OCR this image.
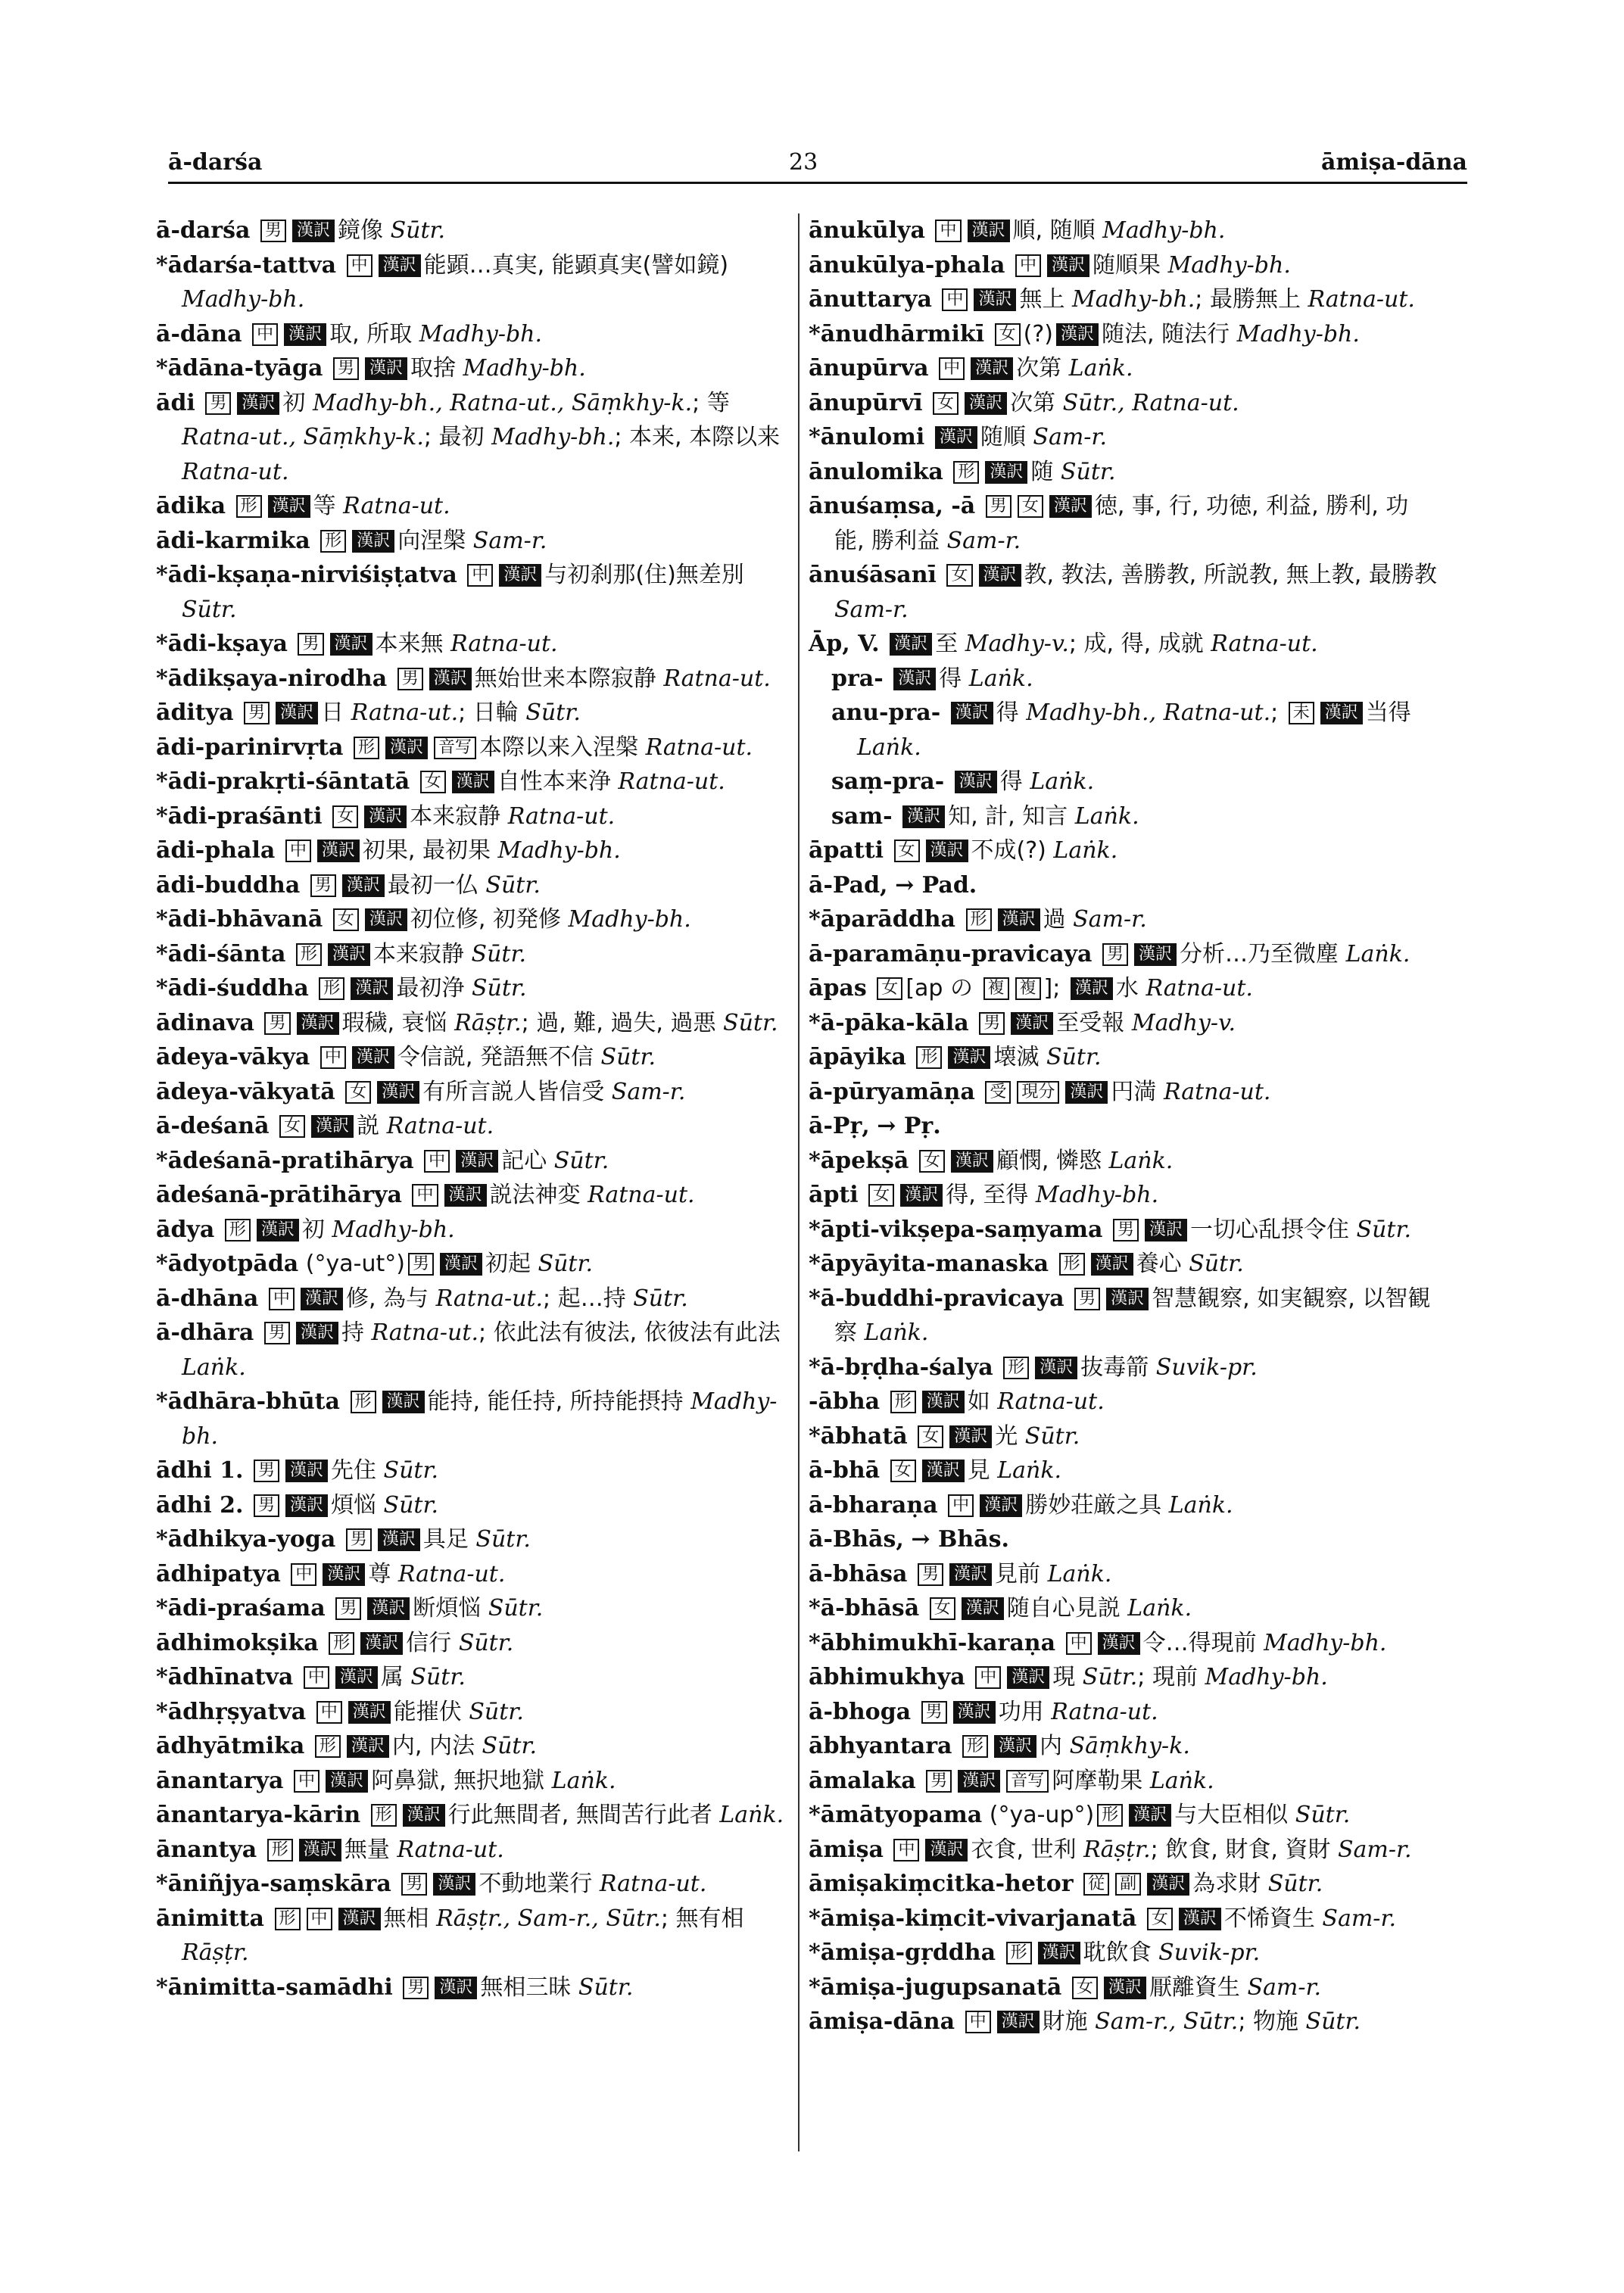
ā-darśa	23	āmiṣa-dāna

ā-darśa 男 漢訳 鏡像 Sūtr.

*ādarśa-tattva 中 漢訳 能顕…真実, 能顕真実(譬如鏡) Madhy-bh.

ā-dāna 中 漢訳 取, 所取 Madhy-bh.

*ādāna-tyāga 男 漢訳 取捨 Madhy-bh.

ādi 男 漢訳 初 Madhy-bh., Ratna-ut., Sāṃkhy-k.; 等 Ratna-ut., Sāṃkhy-k.; 最初 Madhy-bh.; 本来, 本際以来 Ratna-ut.

ādika 形 漢訳 等 Ratna-ut.

ādi-karmika 形 漢訳 向涅槃 Sam-r.

*ādi-kṣaṇa-nirviśiṣṭatva 中 漢訳 与初刹那(住)無差別 Sūtr.

*ādi-kṣaya 男 漢訳 本来無 Ratna-ut.

*ādikṣaya-nirodha 男 漢訳 無始世来本際寂静 Ratna-ut.

āditya 男 漢訳 日 Ratna-ut.; 日輪 Sūtr.

ādi-parinirvṛta 形 漢訳 音写 本際以来入涅槃 Ratna-ut.

*ādi-prakṛti-śāntatā 女 漢訳 自性本来浄 Ratna-ut.

*ādi-praśānti 女 漢訳 本来寂静 Ratna-ut.

ādi-phala 中 漢訳 初果, 最初果 Madhy-bh.

ādi-buddha 男 漢訳 最初一仏 Sūtr.

*ādi-bhāvanā 女 漢訳 初位修, 初発修 Madhy-bh.

*ādi-śānta 形 漢訳 本来寂静 Sūtr.

*ādi-śuddha 形 漢訳 最初浄 Sūtr.

ādinava 男 漢訳 瑕穢, 衰悩 Rāṣṭr.; 過, 難, 過失, 過悪 Sūtr.

ādeya-vākya 中 漢訳 令信説, 発語無不信 Sūtr.

ādeya-vākyatā 女 漢訳 有所言説人皆信受 Sam-r.

ā-deśanā 女 漢訳 説 Ratna-ut.

*ādeśanā-pratihārya 中 漢訳 記心 Sūtr.

ādeśanā-prātihārya 中 漢訳 説法神変 Ratna-ut.

ādya 形 漢訳 初 Madhy-bh.

*ādyotpāda (°ya-ut°) 男 漢訳 初起 Sūtr.

ā-dhāna 中 漢訳 修, 為与 Ratna-ut.; 起…持 Sūtr.

ā-dhāra 男 漢訳 持 Ratna-ut.; 依此法有彼法, 依彼法有此法 Laṅk.

*ādhāra-bhūta 形 漢訳 能持, 能任持, 所持能摂持 Madhy-bh.

ādhi 1. 男 漢訳 先住 Sūtr.

ādhi 2. 男 漢訳 煩悩 Sūtr.

*ādhikya-yoga 男 漢訳 具足 Sūtr.

ādhipatya 中 漢訳 尊 Ratna-ut.

*ādi-praśama 男 漢訳 断煩悩 Sūtr.

ādhimokṣika 形 漢訳 信行 Sūtr.

*ādhīnatva 中 漢訳 属 Sūtr.

*ādhṛṣyatva 中 漢訳 能摧伏 Sūtr.

ādhyātmika 形 漢訳 内, 内法 Sūtr.

ānantarya 中 漢訳 阿鼻獄, 無択地獄 Laṅk.

ānantarya-kārin 形 漢訳 行此無間者, 無間苦行此者 Laṅk.

ānantya 形 漢訳 無量 Ratna-ut.

*āniñjya-saṃskāra 男 漢訳 不動地業行 Ratna-ut.

ānimitta 形 中 漢訳 無相 Rāṣṭr., Sam-r., Sūtr.; 無有相 Rāṣṭr.

*ānimitta-samādhi 男 漢訳 無相三昧 Sūtr.

ānukūlya 中 漢訳 順, 随順 Madhy-bh.

ānukūlya-phala 中 漢訳 随順果 Madhy-bh.

ānuttarya 中 漢訳 無上 Madhy-bh.; 最勝無上 Ratna-ut.

*ānudhārmikī 女 (?) 漢訳 随法, 随法行 Madhy-bh.

ānupūrva 中 漢訳 次第 Laṅk.

ānupūrvī 女 漢訳 次第 Sūtr., Ratna-ut.

*ānulomi 漢訳 随順 Sam-r.

ānulomika 形 漢訳 随 Sūtr.

ānuśaṃsa, -ā 男 女 漢訳 徳, 事, 行, 功徳, 利益, 勝利, 功能, 勝利益 Sam-r.

ānuśāsanī 女 漢訳 教, 教法, 善勝教, 所説教, 無上教, 最勝教 Sam-r.

Āp, V. 漢訳 至 Madhy-v.; 成, 得, 成就 Ratna-ut.

pra- 漢訳 得 Laṅk.

anu-pra- 漢訳 得 Madhy-bh., Ratna-ut.; 未 漢訳 当得 Laṅk.

saṃ-pra- 漢訳 得 Laṅk.

sam- 漢訳 知, 計, 知言 Laṅk.

āpatti 女 漢訳 不成(?) Laṅk.

ā-Pad, → Pad.

*āparāddha 形 漢訳 過 Sam-r.

ā-paramāṇu-pravicaya 男 漢訳 分析…乃至微塵 Laṅk.

āpas 女 [ap の 複 複 ]; 漢訳 水 Ratna-ut.

*ā-pāka-kāla 男 漢訳 至受報 Madhy-v.

āpāyika 形 漢訳 壊滅 Sūtr.

ā-pūryamāṇa 受 現分 漢訳 円満 Ratna-ut.

ā-Pṛ, → Pṛ.

*āpekṣā 女 漢訳 顧憫, 憐愍 Laṅk.

āpti 女 漢訳 得, 至得 Madhy-bh.

*āpti-vikṣepa-saṃyama 男 漢訳 一切心乱摂令住 Sūtr.

*āpyāyita-manaska 形 漢訳 養心 Sūtr.

*ā-buddhi-pravicaya 男 漢訳 智慧観察, 如実観察, 以智観察 Laṅk.

*ā-bṛḍha-śalya 形 漢訳 抜毒箭 Suvik-pr.

-ābha 形 漢訳 如 Ratna-ut.

*ābhatā 女 漢訳 光 Sūtr.

ā-bhā 女 漢訳 見 Laṅk.

ā-bharaṇa 中 漢訳 勝妙荘厳之具 Laṅk.

ā-Bhās, → Bhās.

ā-bhāsa 男 漢訳 見前 Laṅk.

*ā-bhāsā 女 漢訳 随自心見説 Laṅk.

*ābhimukhī-karaṇa 中 漢訳 令…得現前 Madhy-bh.

ābhimukhya 中 漢訳 現 Sūtr.; 現前 Madhy-bh.

ā-bhoga 男 漢訳 功用 Ratna-ut.

ābhyantara 形 漢訳 内 Sāṃkhy-k.

āmalaka 男 漢訳 音写 阿摩勒果 Laṅk.

*āmātyopama (°ya-up°) 形 漢訳 与大臣相似 Sūtr.

āmiṣa 中 漢訳 衣食, 世利 Rāṣṭr.; 飲食, 財食, 資財 Sam-r.

āmiṣakiṃcitka-hetor 従 副 漢訳 為求財 Sūtr.

*āmiṣa-kiṃcit-vivarjanatā 女 漢訳 不悕資生 Sam-r.

*āmiṣa-gṛddha 形 漢訳 耽飲食 Suvik-pr.

*āmiṣa-jugupsanatā 女 漢訳 厭離資生 Sam-r.

āmiṣa-dāna 中 漢訳 財施 Sam-r., Sūtr.; 物施 Sūtr.
